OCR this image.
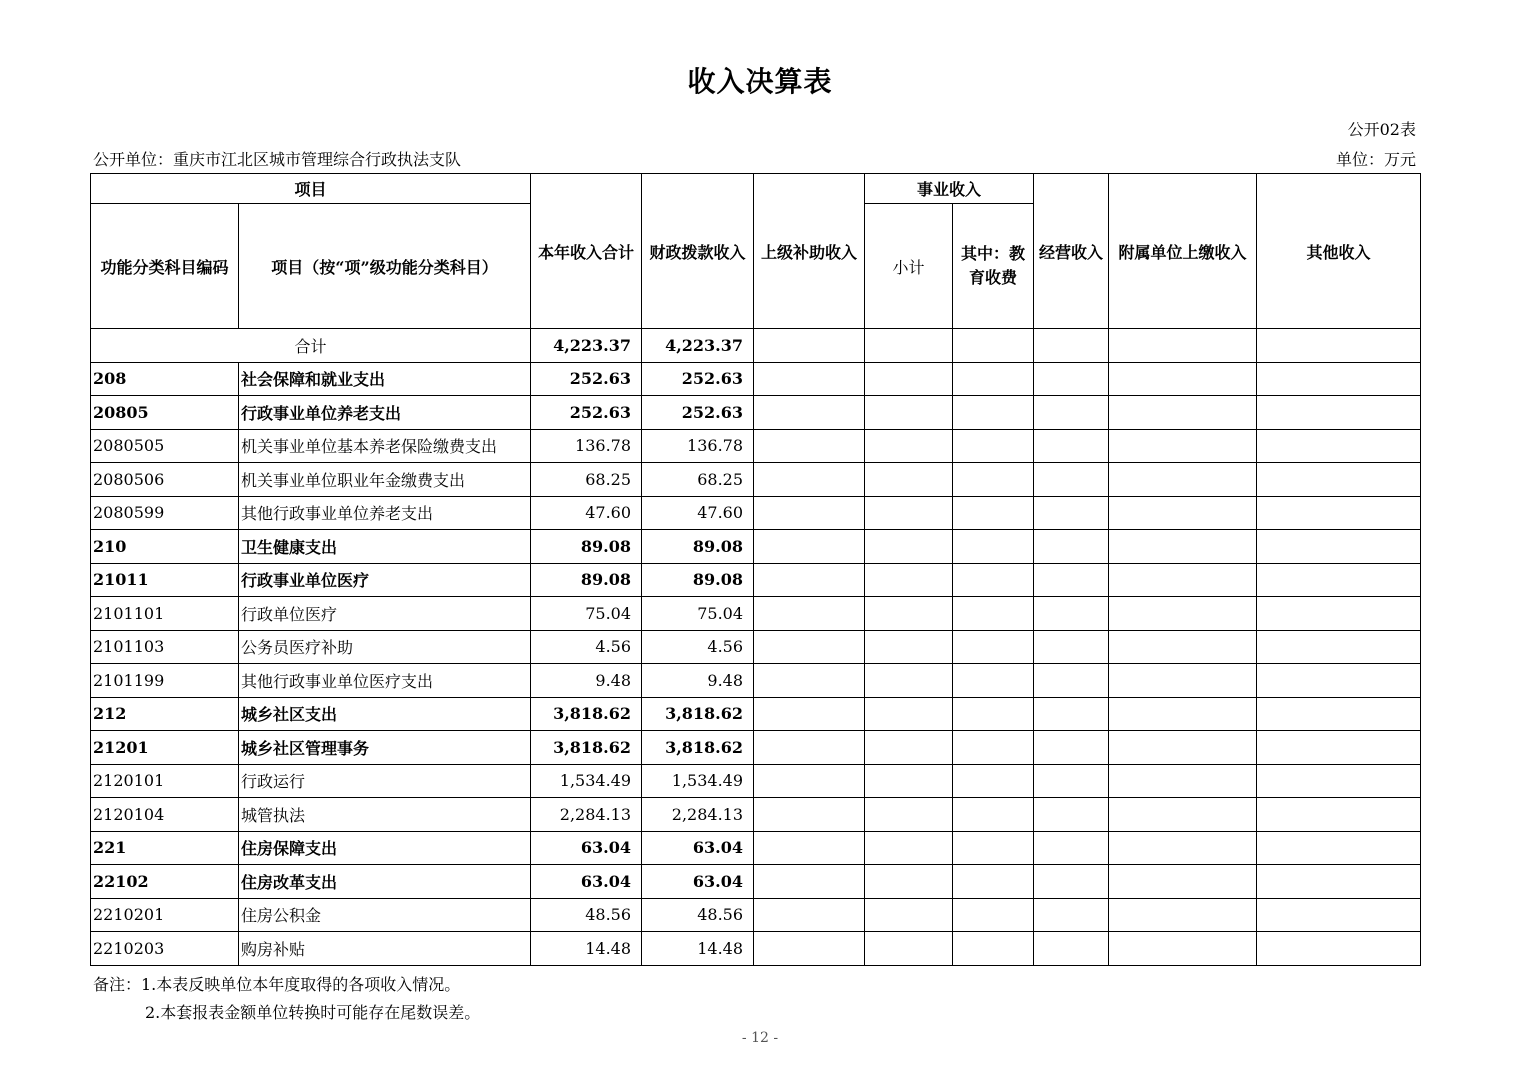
收入决算表
公开02表
公开单位：重庆市江北区城市管理综合行政执法支队	单位：万元
项目		本年收入合计	财政拨款收入	上级补助收入	事业收入		经营收入	附属单位上缴收入	其他收入
功能分类科目编码	项目（按“项”级功能分类科目）				小计	其中：教育收费			
合计		4,223.37	4,223.37						
208	社会保障和就业支出	252.63	252.63						
20805	行政事业单位养老支出	252.63	252.63						
2080505	机关事业单位基本养老保险缴费支出	136.78	136.78						
2080506	机关事业单位职业年金缴费支出	68.25	68.25						
2080599	其他行政事业单位养老支出	47.60	47.60						
210	卫生健康支出	89.08	89.08						
21011	行政事业单位医疗	89.08	89.08						
2101101	行政单位医疗	75.04	75.04						
2101103	公务员医疗补助	4.56	4.56						
2101199	其他行政事业单位医疗支出	9.48	9.48						
212	城乡社区支出	3,818.62	3,818.62						
21201	城乡社区管理事务	3,818.62	3,818.62						
2120101	行政运行	1,534.49	1,534.49						
2120104	城管执法	2,284.13	2,284.13						
221	住房保障支出	63.04	63.04						
22102	住房改革支出	63.04	63.04						
2210201	住房公积金	48.56	48.56						
2210203	购房补贴	14.48	14.48						
备注：1.本表反映单位本年度取得的各项收入情况。
2.本套报表金额单位转换时可能存在尾数误差。
- 12 -
